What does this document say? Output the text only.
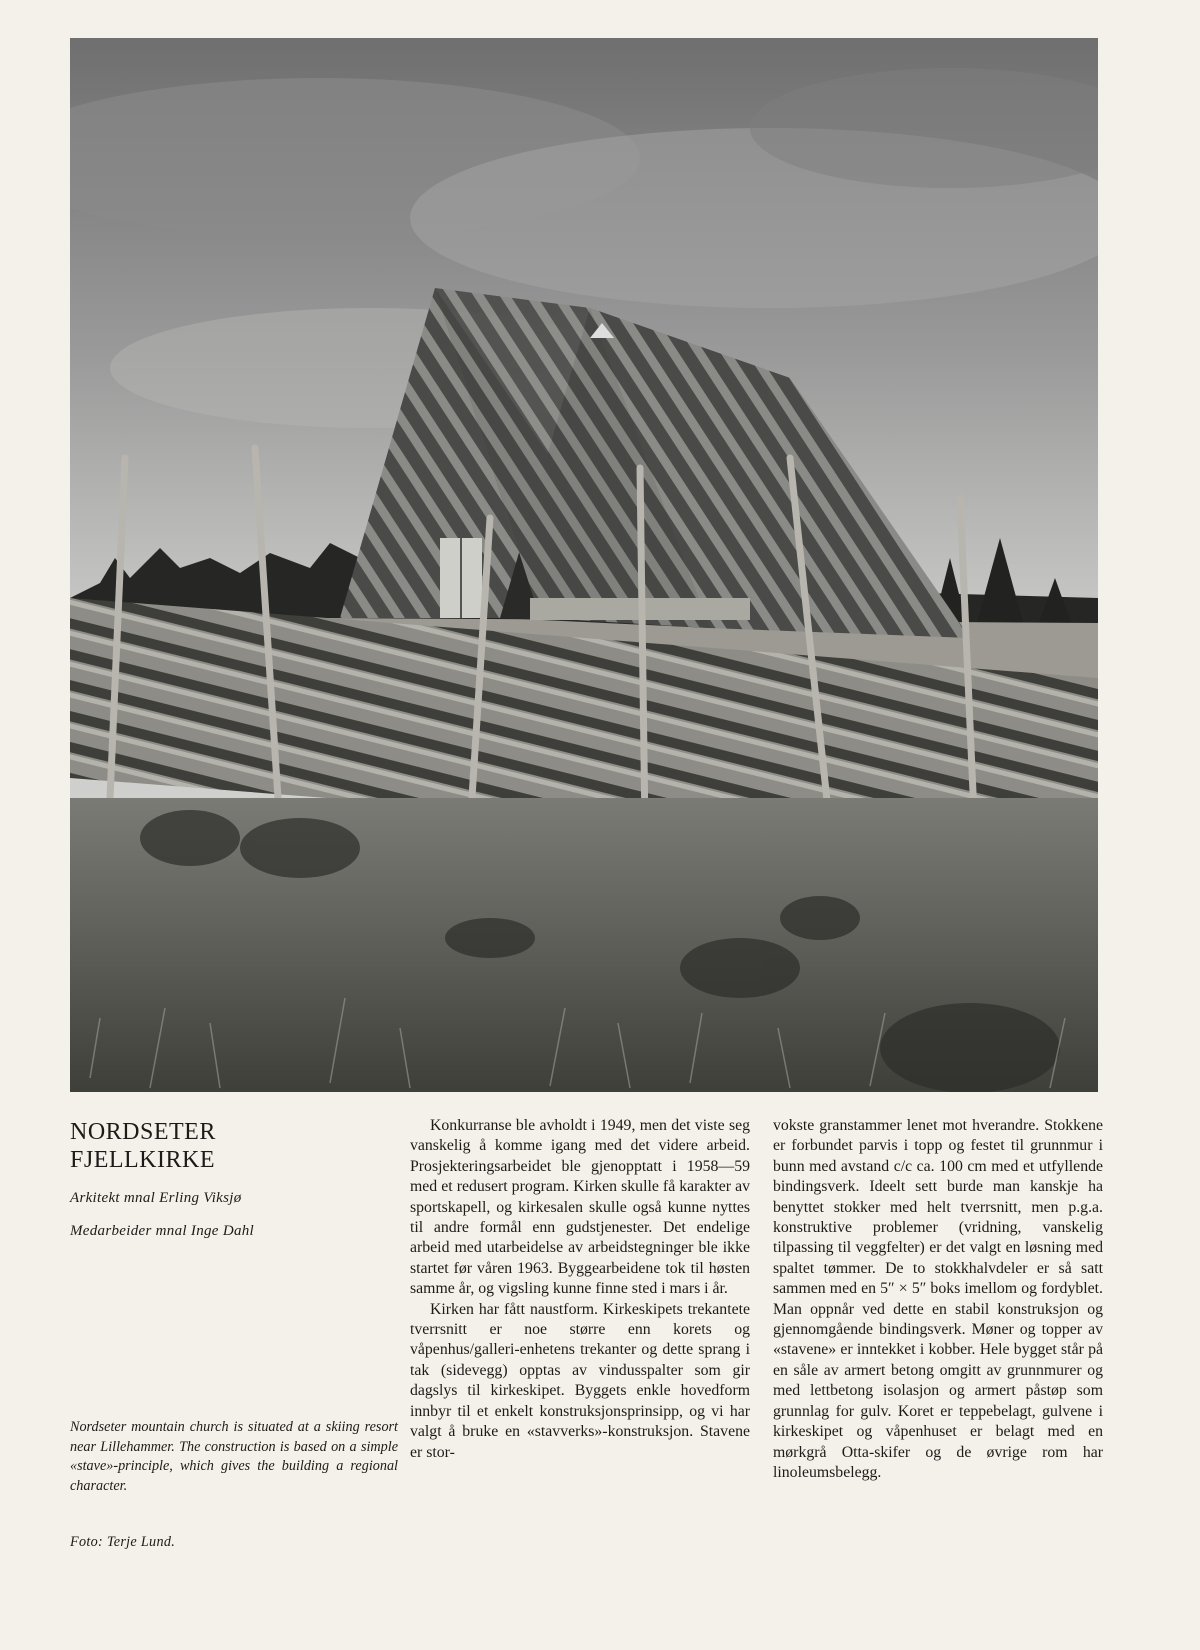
NORDSETER
FJELLKIRKE

Arkitekt mnal Erling Viksjø

Medarbeider mnal Inge Dahl

Nordseter mountain church is situated at a skiing resort near Lillehammer. The construction is based on a simple «stave»-principle, which gives the building a regional character.

Foto: Terje Lund.

Konkurranse ble avholdt i 1949, men det viste seg vanskelig å komme igang med det videre arbeid. Prosjekteringsarbeidet ble gjenopptatt i 1958—59 med et redusert program. Kirken skulle få karakter av sportskapell, og kirkesalen skulle også kunne nyttes til andre formål enn gudstjenester. Det endelige arbeid med utarbeidelse av arbeidstegninger ble ikke startet før våren 1963. Byggearbeidene tok til høsten samme år, og vigsling kunne finne sted i mars i år.

Kirken har fått naustform. Kirkeskipets trekantete tverrsnitt er noe større enn korets og våpenhus/galleri-enhetens trekanter og dette sprang i tak (sidevegg) opptas av vindusspalter som gir dagslys til kirkeskipet. Byggets enkle hovedform innbyr til et enkelt konstruksjonsprinsipp, og vi har valgt å bruke en «stavverks»-konstruksjon. Stavene er stor-

vokste granstammer lenet mot hverandre. Stokkene er forbundet parvis i topp og festet til grunnmur i bunn med avstand c/c ca. 100 cm med et utfyllende bindingsverk. Ideelt sett burde man kanskje ha benyttet stokker med helt tverrsnitt, men p.g.a. konstruktive problemer (vridning, vanskelig tilpassing til veggfelter) er det valgt en løsning med spaltet tømmer. De to stokkhalvdeler er så satt sammen med en 5″ × 5″ boks imellom og fordyblet. Man oppnår ved dette en stabil konstruksjon og gjennomgående bindingsverk. Møner og topper av «stavene» er inntekket i kobber. Hele bygget står på en såle av armert betong omgitt av grunnmurer og med lettbetong isolasjon og armert påstøp som grunnlag for gulv. Koret er teppebelagt, gulvene i kirkeskipet og våpenhuset er belagt med en mørkgrå Otta-skifer og de øvrige rom har linoleumsbelegg.
